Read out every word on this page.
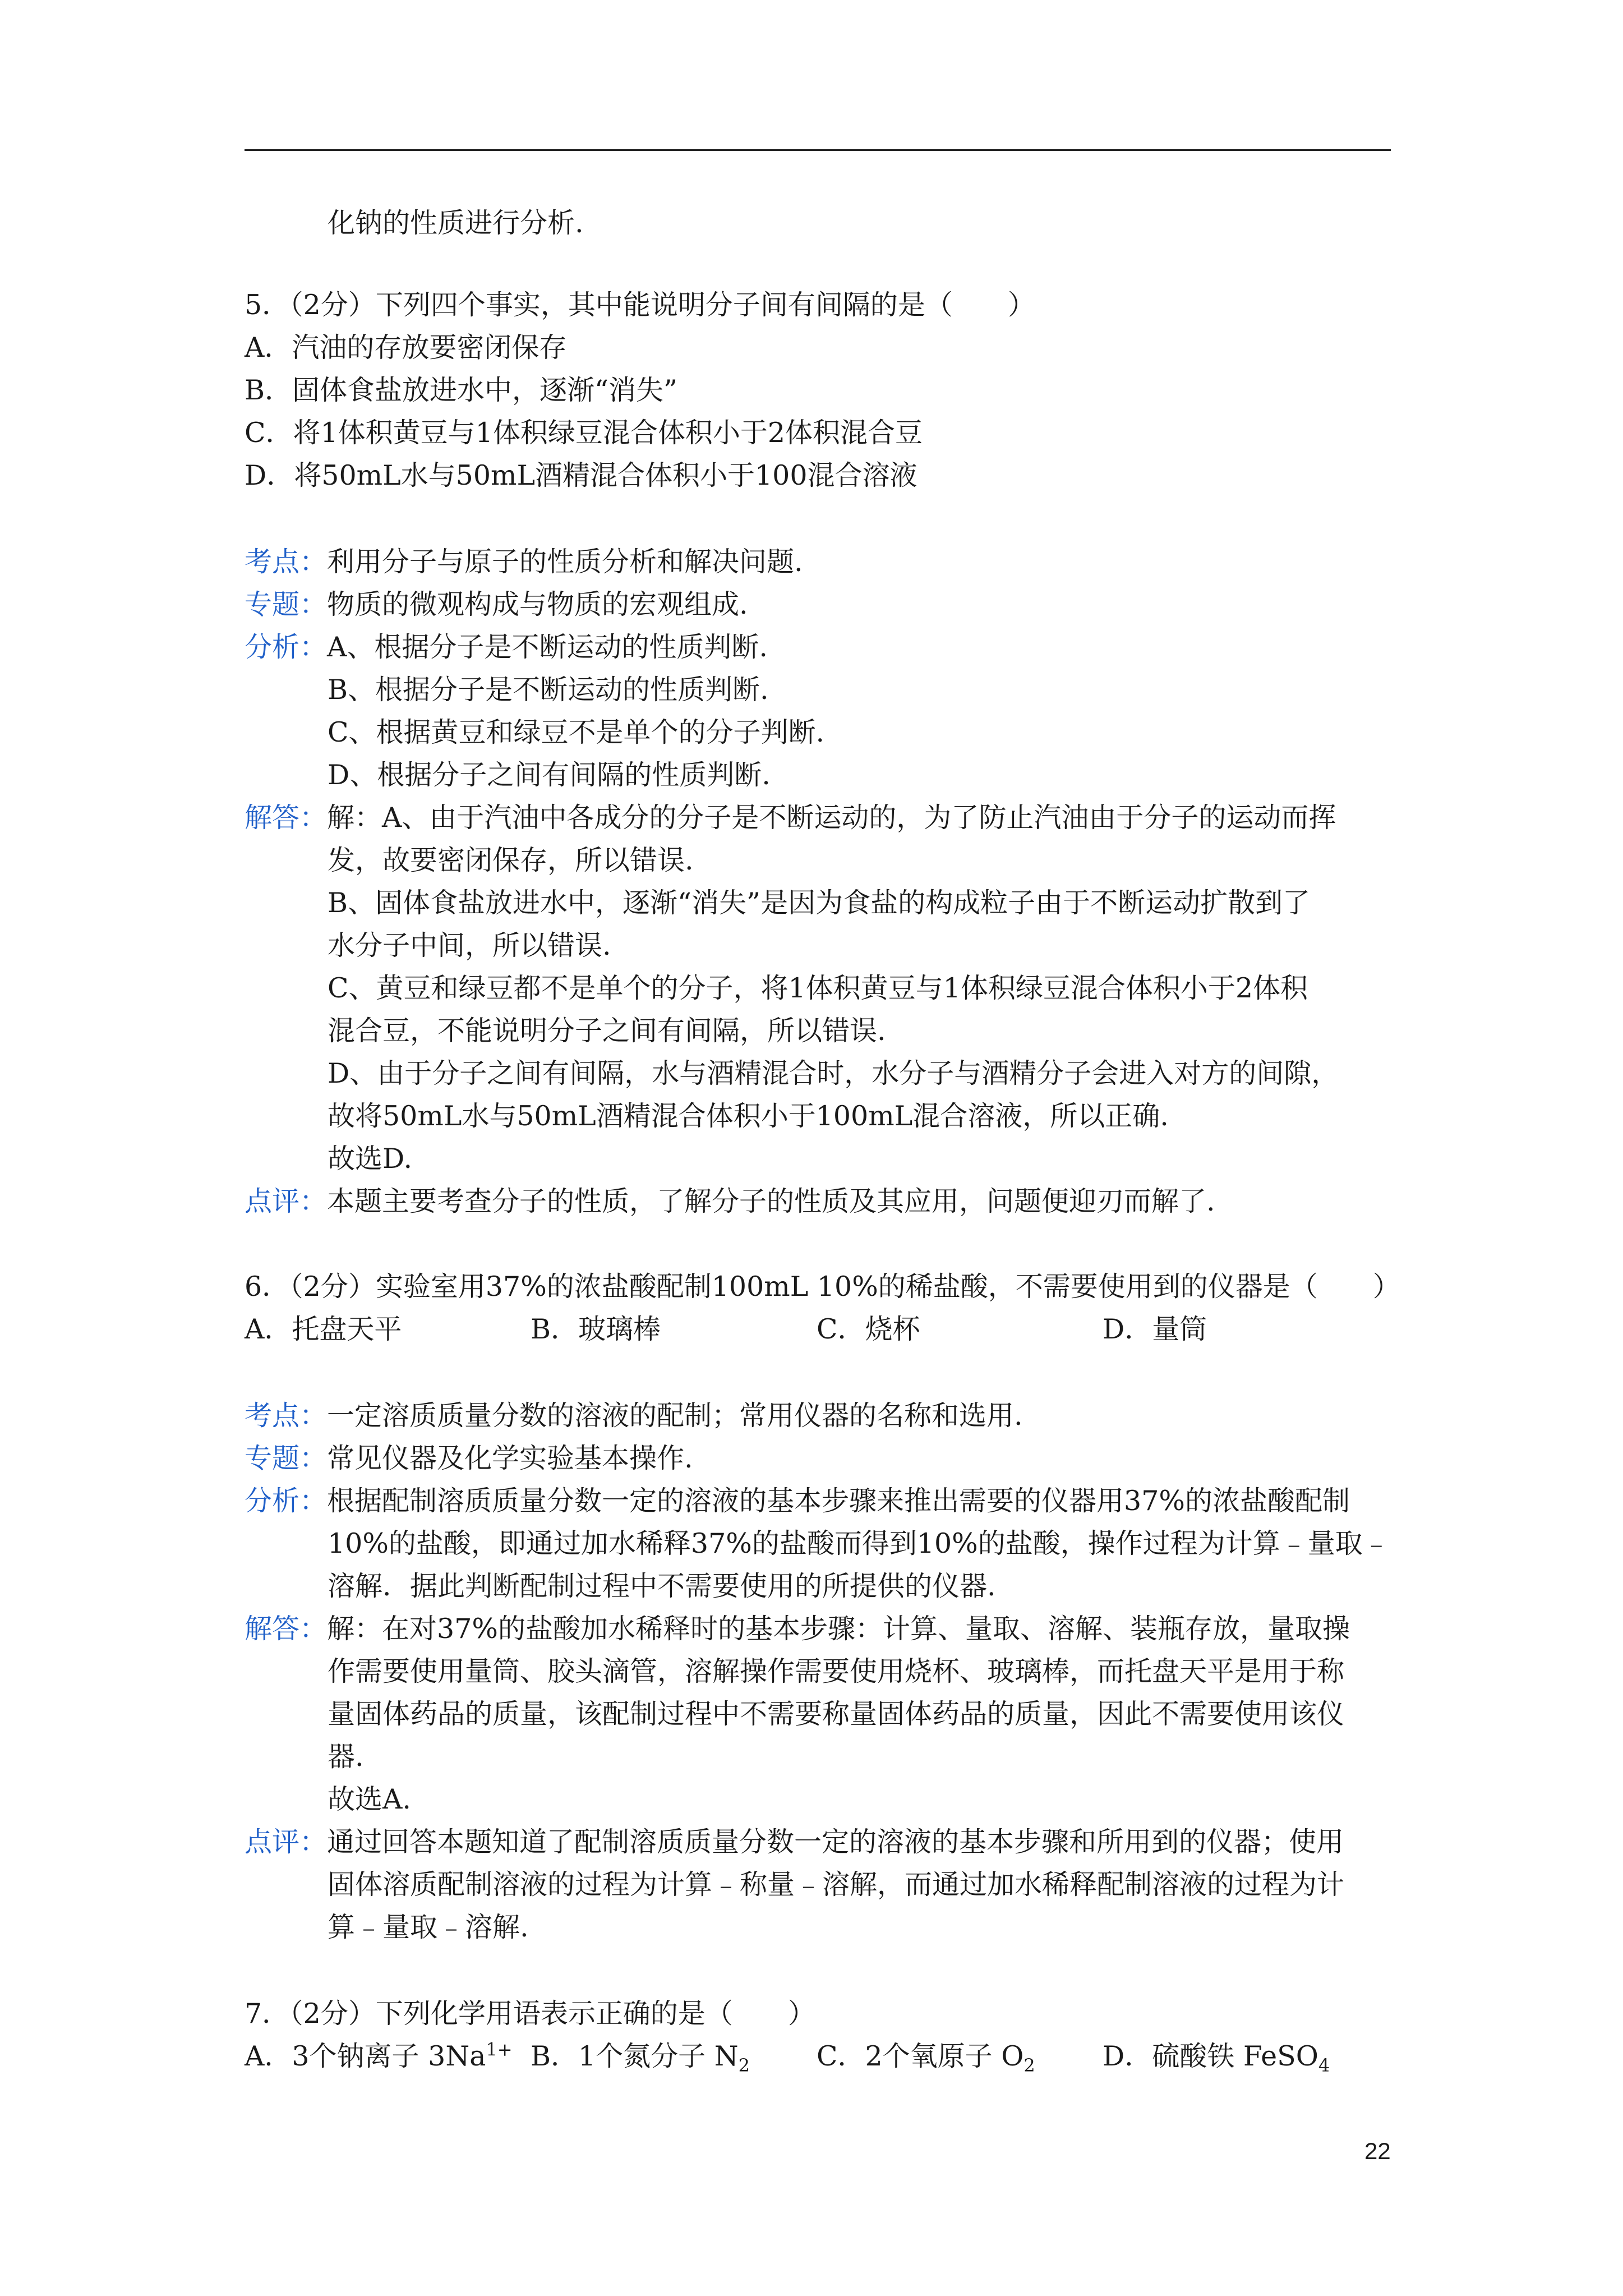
化钠的性质进行分析.
5．（2分）下列四个事实，其中能说明分子间有间隔的是（　　）
A．汽油的存放要密闭保存
B．固体食盐放进水中，逐渐“消失”
C．将1体积黄豆与1体积绿豆混合体积小于2体积混合豆
D．将50mL水与50mL酒精混合体积小于100混合溶液
考点：利用分子与原子的性质分析和解决问题.
专题：物质的微观构成与物质的宏观组成.
分析：A、根据分子是不断运动的性质判断.
B、根据分子是不断运动的性质判断.
C、根据黄豆和绿豆不是单个的分子判断.
D、根据分子之间有间隔的性质判断.
解答：解：A、由于汽油中各成分的分子是不断运动的，为了防止汽油由于分子的运动而挥
发，故要密闭保存，所以错误.
B、固体食盐放进水中，逐渐“消失”是因为食盐的构成粒子由于不断运动扩散到了
水分子中间，所以错误.
C、黄豆和绿豆都不是单个的分子，将1体积黄豆与1体积绿豆混合体积小于2体积
混合豆，不能说明分子之间有间隔，所以错误.
D、由于分子之间有间隔，水与酒精混合时，水分子与酒精分子会进入对方的间隙，
故将50mL水与50mL酒精混合体积小于100mL混合溶液，所以正确.
故选D.
点评：本题主要考查分子的性质，了解分子的性质及其应用，问题便迎刃而解了.
6．（2分）实验室用37%的浓盐酸配制100mL 10%的稀盐酸，不需要使用到的仪器是（　　）
A．托盘天平	B．玻璃棒	C．烧杯	D．量筒
考点：一定溶质质量分数的溶液的配制；常用仪器的名称和选用.
专题：常见仪器及化学实验基本操作.
分析：根据配制溶质质量分数一定的溶液的基本步骤来推出需要的仪器用37%的浓盐酸配制
10%的盐酸，即通过加水稀释37%的盐酸而得到10%的盐酸，操作过程为计算﹣量取﹣
溶解．据此判断配制过程中不需要使用的所提供的仪器.
解答：解：在对37%的盐酸加水稀释时的基本步骤：计算、量取、溶解、装瓶存放，量取操
作需要使用量筒、胶头滴管，溶解操作需要使用烧杯、玻璃棒，而托盘天平是用于称
量固体药品的质量，该配制过程中不需要称量固体药品的质量，因此不需要使用该仪
器.
故选A.
点评：通过回答本题知道了配制溶质质量分数一定的溶液的基本步骤和所用到的仪器；使用
固体溶质配制溶液的过程为计算﹣称量﹣溶解，而通过加水稀释配制溶液的过程为计
算﹣量取﹣溶解.
7．（2分）下列化学用语表示正确的是（　　）
A．3个钠离子 $3Na^{1+}$ B．1个氮分子 $N_2$ C．2个氧原子 $O_2$ D．硫酸铁 FeSO$_4$
22
